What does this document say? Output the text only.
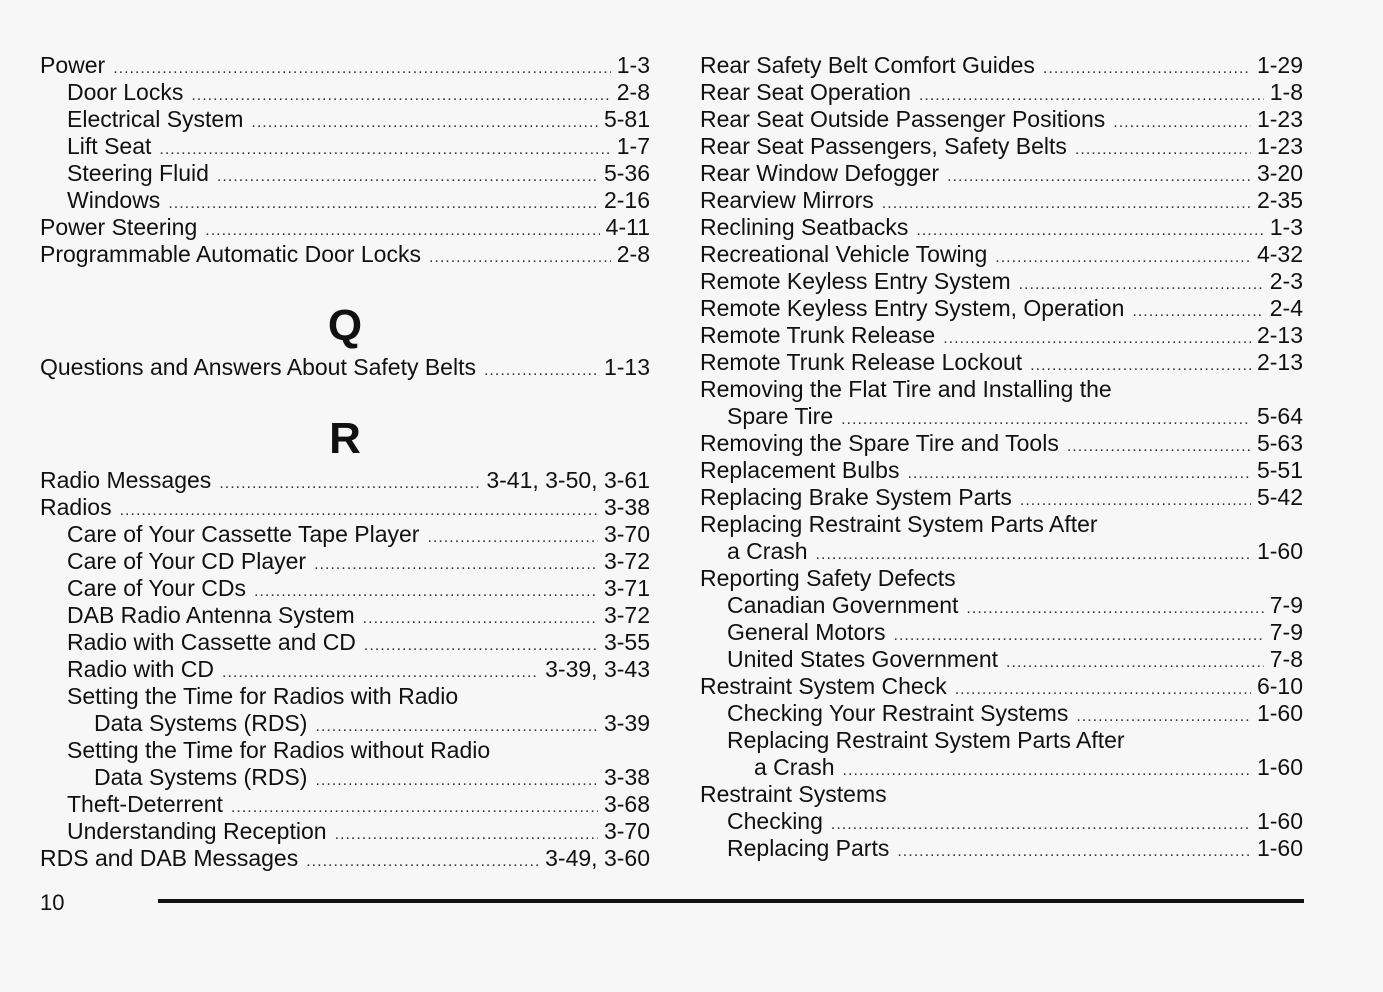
Power .....	1-3
Door Locks .....	2-8
Electrical System .....	5-81
Lift Seat .....	1-7
Steering Fluid .....	5-36
Windows .....	2-16
Power Steering .....	4-11
Programmable Automatic Door Locks .....	2-8
Q
Questions and Answers About Safety Belts .....	1-13
R
Radio Messages .....	3-41, 3-50, 3-61
Radios .....	3-38
Care of Your Cassette Tape Player .....	3-70
Care of Your CD Player .....	3-72
Care of Your CDs .....	3-71
DAB Radio Antenna System .....	3-72
Radio with Cassette and CD .....	3-55
Radio with CD .....	3-39, 3-43
Setting the Time for Radios with Radio
Data Systems (RDS) .....	3-39
Setting the Time for Radios without Radio
Data Systems (RDS) .....	3-38
Theft-Deterrent .....	3-68
Understanding Reception .....	3-70
RDS and DAB Messages .....	3-49, 3-60
Rear Safety Belt Comfort Guides .....	1-29
Rear Seat Operation .....	1-8
Rear Seat Outside Passenger Positions .....	1-23
Rear Seat Passengers, Safety Belts .....	1-23
Rear Window Defogger .....	3-20
Rearview Mirrors .....	2-35
Reclining Seatbacks .....	1-3
Recreational Vehicle Towing .....	4-32
Remote Keyless Entry System .....	2-3
Remote Keyless Entry System, Operation .....	2-4
Remote Trunk Release .....	2-13
Remote Trunk Release Lockout .....	2-13
Removing the Flat Tire and Installing the
Spare Tire .....	5-64
Removing the Spare Tire and Tools .....	5-63
Replacement Bulbs .....	5-51
Replacing Brake System Parts .....	5-42
Replacing Restraint System Parts After
a Crash .....	1-60
Reporting Safety Defects
Canadian Government .....	7-9
General Motors .....	7-9
United States Government .....	7-8
Restraint System Check .....	6-10
Checking Your Restraint Systems .....	1-60
Replacing Restraint System Parts After
a Crash .....	1-60
Restraint Systems
Checking .....	1-60
Replacing Parts .....	1-60
10
